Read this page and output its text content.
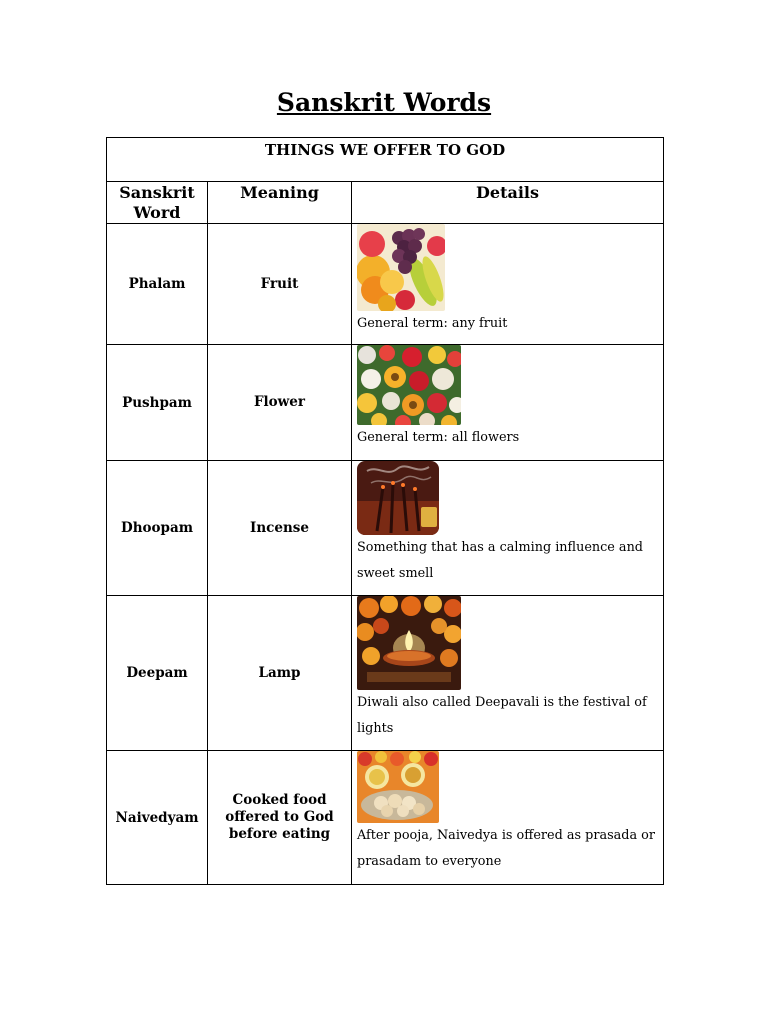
Sanskrit Words
THINGS WE OFFER TO GOD		
Sanskrit Word	Meaning	Details
Phalam	Fruit	General term: any fruit

Pushpam	Flower	General term: all flowers

Dhoopam	Incense	Something that has a calming influence and sweet smell

Deepam	Lamp	Diwali also called Deepavali is the festival of lights

Naivedyam	Cooked food offered to God before eating	After pooja, Naivedya is offered as prasada or prasadam to everyone
